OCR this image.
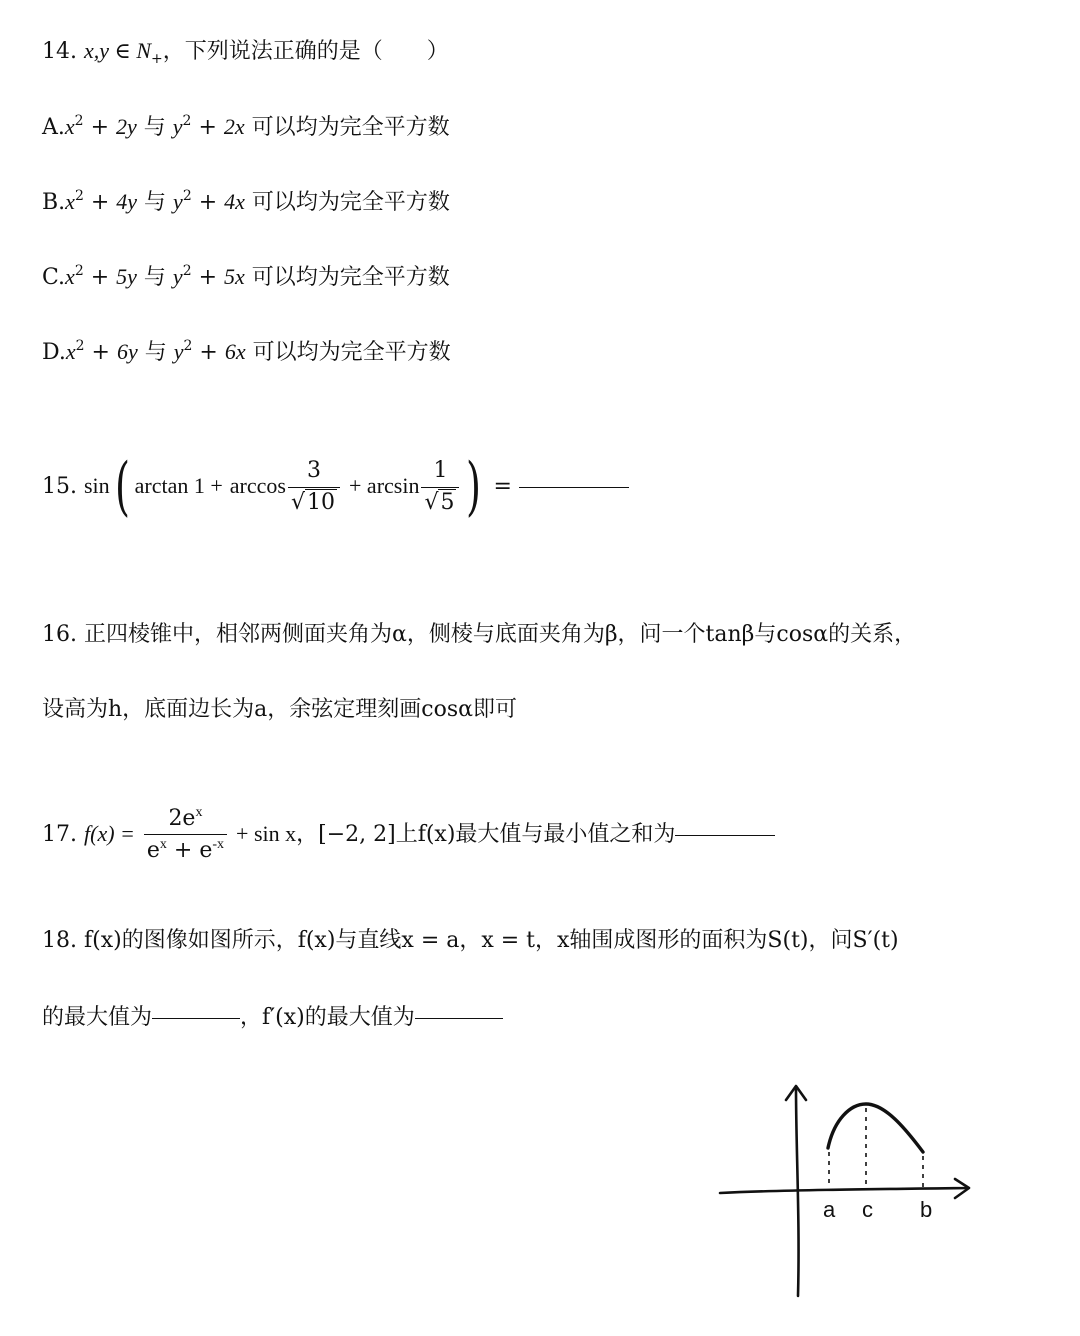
14. x,y ∈ $N_+$，下列说法正确的是（　　）
$A.x^2 + 2y$ 与 $y^2 + 2x$ 可以均为完全平方数
$B.x^2 + 4y$ 与 $y^2 + 4x$ 可以均为完全平方数
$C.x^2 + 5y$ 与 $y^2 + 5x$ 可以均为完全平方数
$D.x^2 + 6y$ 与 $y^2 + 6x$ 可以均为完全平方数
15. sin( $\arctan 1 + \arccos \frac{3}{√10} + \arcsin \frac{1}{√5}$ ) =
16. 正四棱锥中，相邻两侧面夹角为α，侧棱与底面夹角为β，问一个tanβ与cosα的关系，
设高为h，底面边长为a，余弦定理刻画cosα即可
17. $f(x) = \frac{2e^x}{e^x + e^{-x}} + \sin x$，[−2, 2]上f(x)最大值与最小值之和为
18. f(x)的图像如图所示，f(x)与直线x = a，x = t，x轴围成图形的面积为S(t)，问S′(t)
的最大值为	，f′(x)的最大值为
a c b
